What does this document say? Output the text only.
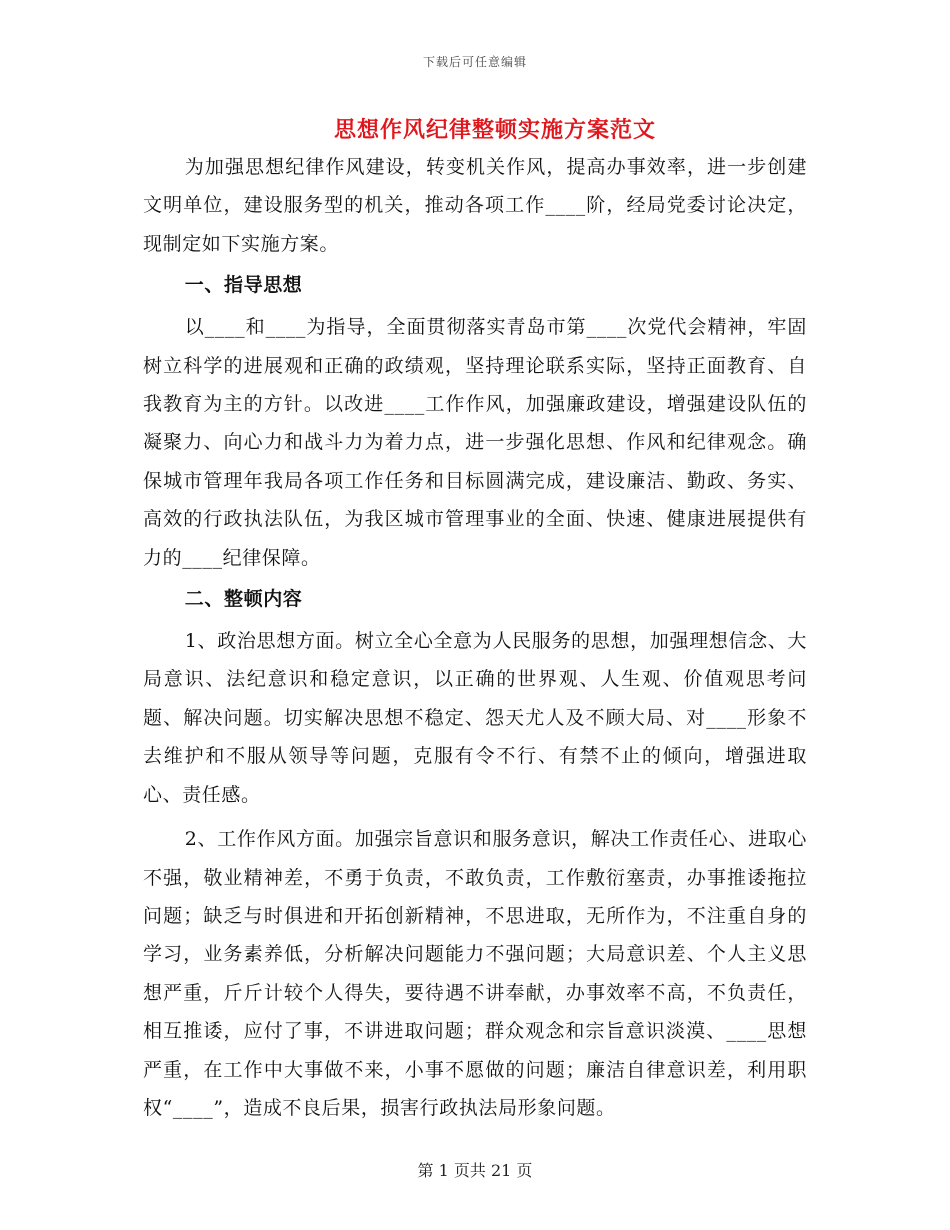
下载后可任意编辑
思想作风纪律整顿实施方案范文

为加强思想纪律作风建设，转变机关作风，提高办事效率，进一步创建文明单位，建设服务型的机关，推动各项工作____阶，经局党委讨论决定，现制定如下实施方案。

一、指导思想

以____和____为指导，全面贯彻落实青岛市第____次党代会精神，牢固树立科学的进展观和正确的政绩观，坚持理论联系实际，坚持正面教育、自我教育为主的方针。以改进____工作作风，加强廉政建设，增强建设队伍的凝聚力、向心力和战斗力为着力点，进一步强化思想、作风和纪律观念。确保城市管理年我局各项工作任务和目标圆满完成，建设廉洁、勤政、务实、高效的行政执法队伍，为我区城市管理事业的全面、快速、健康进展提供有力的____纪律保障。

二、整顿内容

1、政治思想方面。树立全心全意为人民服务的思想，加强理想信念、大局意识、法纪意识和稳定意识，以正确的世界观、人生观、价值观思考问题、解决问题。切实解决思想不稳定、怨天尤人及不顾大局、对____形象不去维护和不服从领导等问题，克服有令不行、有禁不止的倾向，增强进取心、责任感。

2、工作作风方面。加强宗旨意识和服务意识，解决工作责任心、进取心不强，敬业精神差，不勇于负责，不敢负责，工作敷衍塞责，办事推诿拖拉问题；缺乏与时俱进和开拓创新精神，不思进取，无所作为，不注重自身的学习，业务素养低，分析解决问题能力不强问题；大局意识差、个人主义思想严重，斤斤计较个人得失，要待遇不讲奉献，办事效率不高，不负责任，相互推诿，应付了事，不讲进取问题；群众观念和宗旨意识淡漠、____思想严重，在工作中大事做不来，小事不愿做的问题；廉洁自律意识差，利用职权“____”，造成不良后果，损害行政执法局形象问题。

第 1 页共 21 页
